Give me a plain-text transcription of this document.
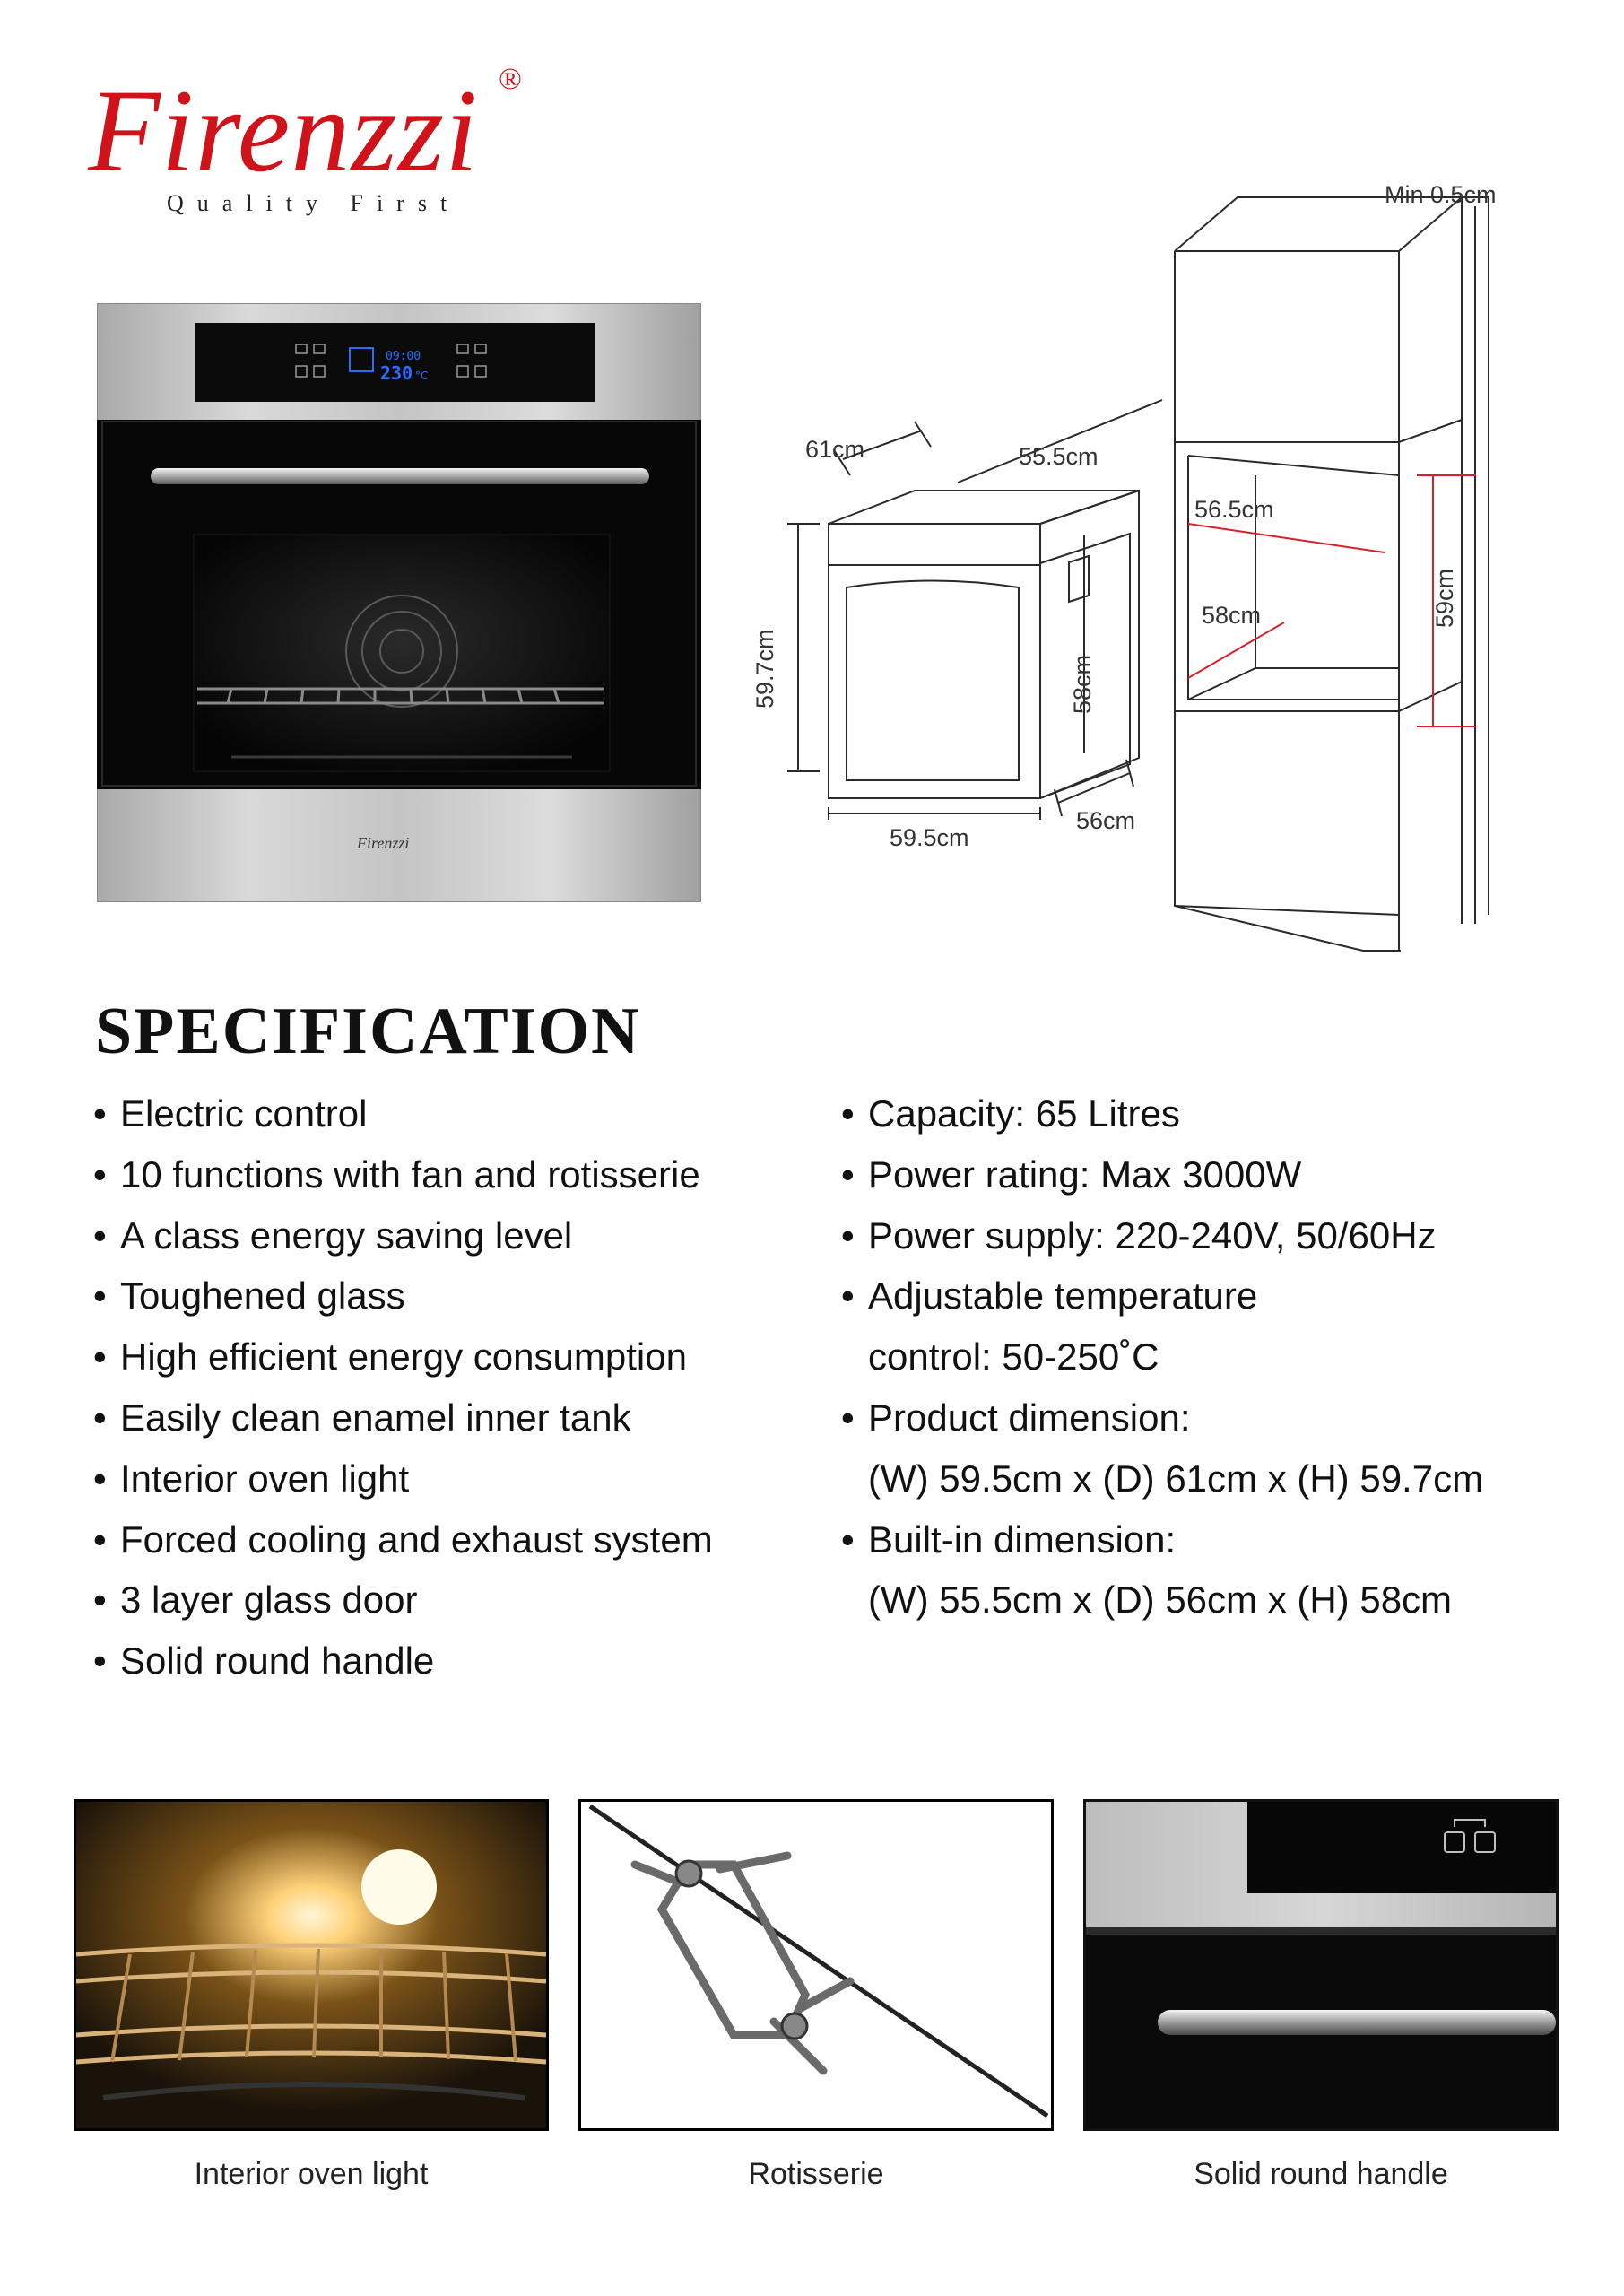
Firenzzi ®
Quality First
09:00
230 °C
Firenzzi
61cm	55.5cm
59.7cm	58cm
59.5cm
56cm
Min 0.5cm
56.5cm
58cm	59cm
SPECIFICATION
• Electric control
• 10 functions with fan and rotisserie
• A class energy saving level
• Toughened glass
• High efficient energy consumption
• Easily clean enamel inner tank
• Interior oven light
• Forced cooling and exhaust system
• 3 layer glass door
• Solid round handle
• Capacity: 65 Litres
• Power rating: Max 3000W
• Power supply: 220-240V, 50/60Hz
• Adjustable temperature
control: 50-250˚C
• Product dimension:
(W) 59.5cm x (D) 61cm x (H) 59.7cm
• Built-in dimension:
(W) 55.5cm x (D) 56cm x (H) 58cm
Interior oven light	Rotisserie	Solid round handle
